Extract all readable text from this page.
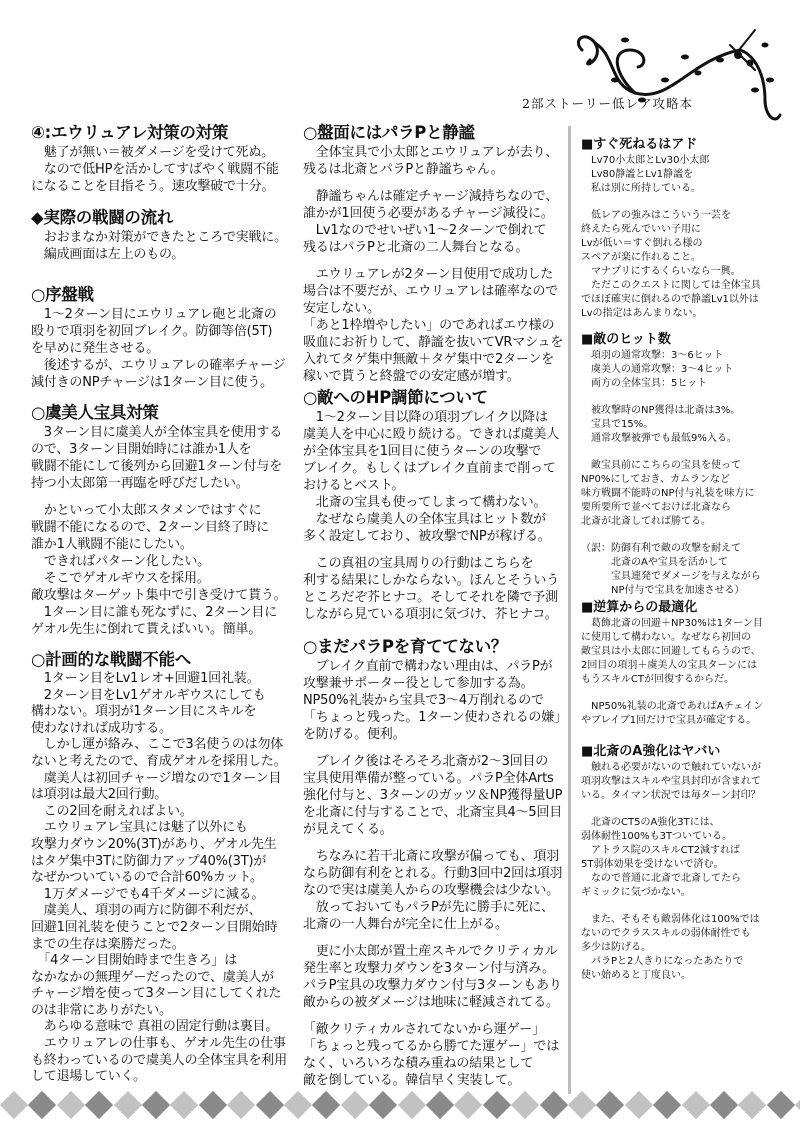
2部ストーリー低レア攻略本
④:エウリュアレ対策の対策
　魅了が無い＝被ダメージを受けて死ぬ。
　なので低HPを活かしてすばやく戦闘不能
になることを目指そう。速攻撃破で十分。
◆実際の戦闘の流れ
　おおまなか対策ができたところで実戦に。
　編成画面は左上のもの。
○序盤戦
　1～2ターン目にエウリュアレ砲と北斎の
殴りで項羽を初回ブレイク。防御等倍(5T)
を早めに発生させる。
　後述するが、エウリュアレの確率チャージ
減付きのNPチャージは1ターン目に使う。
○虞美人宝具対策
　3ターン目に虞美人が全体宝具を使用する
ので、3ターン目開始時には誰か1人を
戦闘不能にして後列から回避1ターン付与を
持つ小太郎第一再臨を呼びだしたい。
　かといって小太郎スタメンではすぐに
戦闘不能になるので、2ターン目終了時に
誰か1人戦闘不能にしたい。
　できればパターン化したい。
　そこでゲオルギウスを採用。
敵攻撃はターゲット集中で引き受けて貰う。
　1ターン目に誰も死なずに、2ターン目に
ゲオル先生に倒れて貰えばいい。簡単。
○計画的な戦闘不能へ
　1ターン目をLv1レオ+回避1回礼装。
　2ターン目をLv1ゲオルギウスにしても
構わない。項羽が1ターン目にスキルを
使わなければ成功する。
　しかし運が絡み、ここで3名使うのは勿体
ないと考えたので、育成ゲオルを採用した。
　虞美人は初回チャージ増なので1ターン目
は項羽は最大2回行動。
　この2回を耐えればよい。
　エウリュアレ宝具には魅了以外にも
攻撃力ダウン20%(3T)があり、ゲオル先生
はタゲ集中3Tに防御力アップ40%(3T)が
なぜかついているので合計60%カット。
　1万ダメージでも4千ダメージに減る。
　虞美人、項羽の両方に防御不利だが、
回避1回礼装を使うことで2ターン目開始時
までの生存は楽勝だった。
　「4ターン目開始時まで生きろ」は
なかなかの無理ゲーだったので、虞美人が
チャージ増を使って3ターン目にしてくれた
のは非常にありがたい。
　あらゆる意味で 真祖の固定行動は裏目。
　エウリュアレの仕事も、ゲオル先生の仕事
も終わっているので虞美人の全体宝具を利用
して退場していく。
○盤面にはパラPと静謐
　全体宝具で小太郎とエウリュアレが去り、
残るは北斎とパラPと静謐ちゃん。
　静謐ちゃんは確定チャージ減持ちなので、
誰かが1回使う必要があるチャージ減役に。
　Lv1なのでせいぜい1～2ターンで倒れて
残るはパラPと北斎の二人舞台となる。
　エウリュアレが2ターン目使用で成功した
場合は不要だが、エウリュアレは確率なので
安定しない。
「あと1枠増やしたい」のであればエウ様の
吸血にお祈りして、静謐を抜いてVRマシュを
入れてタゲ集中無敵＋タゲ集中で2ターンを
稼いで貰うと終盤での安定感が増す。
○敵へのHP調節について
　1～2ターン目以降の項羽ブレイク以降は
虞美人を中心に殴り続ける。できれば虞美人
が全体宝具を1回目に使うターンの攻撃で
ブレイク。もしくはブレイク直前まで削って
おけるとベスト。
　北斎の宝具も使ってしまって構わない。
　なぜなら虞美人の全体宝具はヒット数が
多く設定しており、被攻撃でNPが稼げる。
　この真祖の宝具周りの行動はこちらを
利する結果にしかならない。ほんとそういう
ところだぞ芥ヒナコ。そしてそれを隣で予測
しながら見ている項羽に気づけ、芥ヒナコ。
○まだパラPを育ててない？
　ブレイク直前で構わない理由は、パラPが
攻撃兼サポーター役として参加する為。
NP50%礼装から宝具で3～4万削れるので
「ちょっと残った。1ターン使わされるの嫌」
を防げる。便利。
　ブレイク後はそろそろ北斎が2～3回目の
宝具使用準備が整っている。パラP全体Arts
強化付与と、3ターンのガッツ＆NP獲得量UP
を北斎に付与することで、北斎宝具4～5回目
が見えてくる。
　ちなみに若干北斎に攻撃が偏っても、項羽
なら防御有利をとれる。行動3回中2回は項羽
なので実は虞美人からの攻撃機会は少ない。
　放っておいてもパラPが先に勝手に死に、
北斎の一人舞台が完全に仕上がる。
　更に小太郎が置土産スキルでクリティカル
発生率と攻撃力ダウンを3ターン付与済み。
パラP宝具の攻撃力ダウン付与3ターンもあり
敵からの被ダメージは地味に軽減されてる。
「敵クリティカルされてないから運ゲー」
「ちょっと残ってるから勝てた運ゲー」では
なく、いろいろな積み重ねの結果として
敵を倒している。韓信早く実装して。
■すぐ死ねるはアド
　Lv70小太郎とLv30小太郎
　Lv80静謐とLv1静謐を
　私は別に所持している。
　低レアの強みはこういう一芸を
終えたら死んでいい子用に
Lvが低い＝すぐ倒れる様の
スペアが楽に作れること。
　マナプリにするくらいなら一興。
　ただこのクエストに関しては全体宝具
でほぼ確実に倒れるので静謐Lv1以外は
Lvの指定はあんまりない。
■敵のヒット数
　項羽の通常攻撃：3～6ヒット
　虞美人の通常攻撃：3～4ヒット
　両方の全体宝具：5ヒット
　被攻撃時のNP獲得は北斎は3%。
　宝具で15%。
　通常攻撃被弾でも最低9%入る。
　敵宝具前にこちらの宝具を使って
NP0%にしておき、カムランなど
味方戦闘不能時のNP付与礼装を味方に
要所要所で並べておけば北斎なら
北斎が北斎してれば勝てる。
（訳：防御有利で敵の攻撃を耐えて
　　　北斎のAや宝具を活かして
　　　宝具連発でダメージを与えながら
　　　NP付与で宝具を加速させる）
■逆算からの最適化
　葛飾北斎の回避＋NP30%は1ターン目
に使用して構わない。なぜなら初回の
敵宝具は小太郎に回避してもらうので、
2回目の項羽＋虞美人の宝具ターンには
もうスキルCTが回復するからだ。
　NP50%礼装の北斎であればAチェイン
やブレイブ1回だけで宝具が確定する。
■北斎のA強化はヤバい
　触れる必要がないので触れていないが
項羽攻撃はスキルや宝具封印が含まれて
いる。タイマン状況では毎ターン封印？
　北斎のCT5のA強化3Tには、
弱体耐性100%も3Tついている。
　アトラス院のスキルCT2減すれば
5T弱体効果を受けないで済む。
　なので普通に北斎で北斎してたら
ギミックに気づかない。
　また、そもそも敵弱体化は100%では
ないのでクラススキルの弱体耐性でも
多少は防げる。
　パラPと2人きりになったあたりで
使い始めると丁度良い。
